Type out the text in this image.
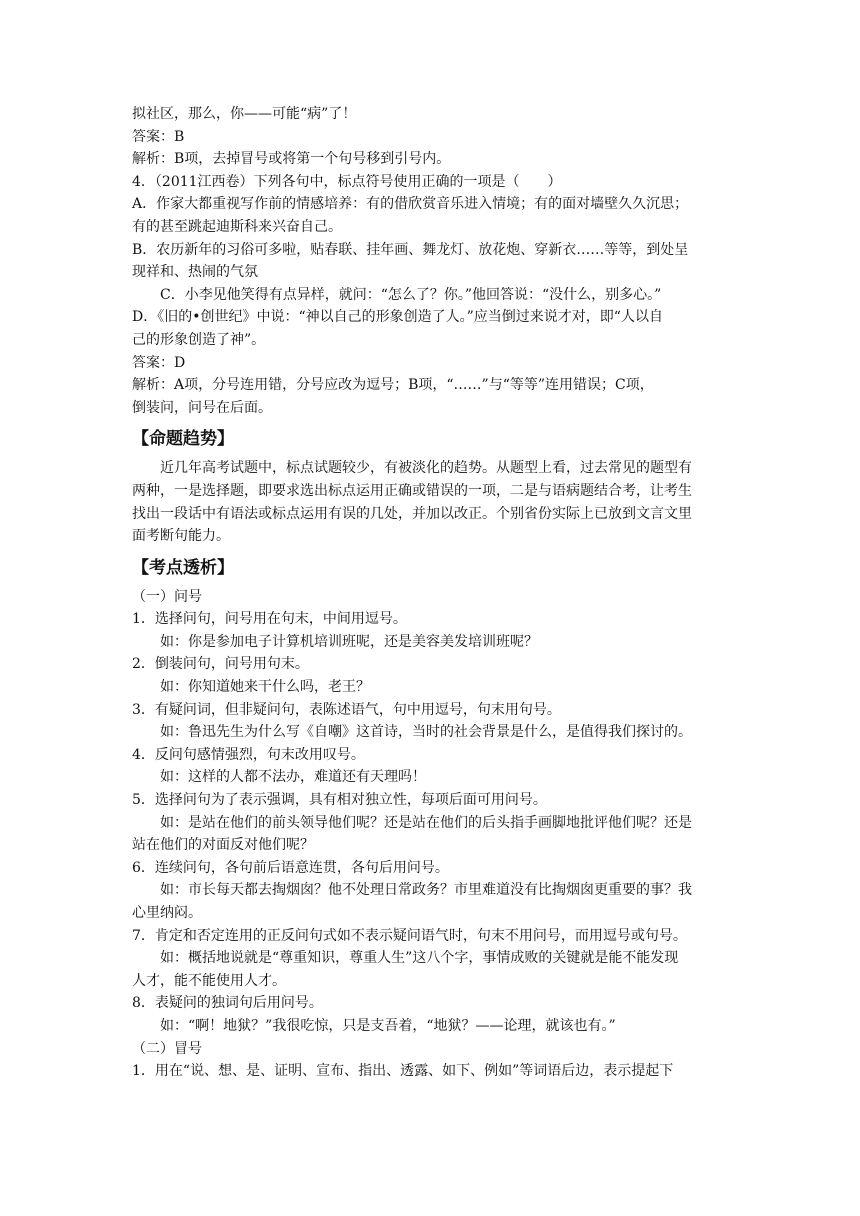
拟社区，那么，你——可能“病”了！
答案：B
解析：B项，去掉冒号或将第一个句号移到引号内。
4．（2011江西卷）下列各句中，标点符号使用正确的一项是（　　）
A．作家大都重视写作前的情感培养：有的借欣赏音乐进入情境；有的面对墙壁久久沉思；
有的甚至跳起迪斯科来兴奋自己。
B．农历新年的习俗可多啦，贴春联、挂年画、舞龙灯、放花炮、穿新衣……等等，到处呈
现祥和、热闹的气氛
C．小李见他笑得有点异样，就问：“怎么了？你。”他回答说：“没什么，别多心。”
D．《旧的•创世纪》中说：“神以自己的形象创造了人。”应当倒过来说才对，即“人以自
己的形象创造了神”。
答案：D
解析：A项，分号连用错，分号应改为逗号；B项，“……”与“等等”连用错误；C项，
倒装问，问号在后面。
【命题趋势】
近几年高考试题中，标点试题较少，有被淡化的趋势。从题型上看，过去常见的题型有
两种，一是选择题，即要求选出标点运用正确或错误的一项，二是与语病题结合考，让考生
找出一段话中有语法或标点运用有误的几处，并加以改正。个别省份实际上已放到文言文里
面考断句能力。
【考点透析】
（一）问号
1．选择问句，问号用在句末，中间用逗号。
如：你是参加电子计算机培训班呢，还是美容美发培训班呢？
2．倒装问句，问号用句末。
如：你知道她来干什么吗，老王？
3．有疑问词，但非疑问句，表陈述语气，句中用逗号，句末用句号。
如：鲁迅先生为什么写《自嘲》这首诗，当时的社会背景是什么，是值得我们探讨的。
4．反问句感情强烈，句末改用叹号。
如：这样的人都不法办，难道还有天理吗！
5．选择问句为了表示强调，具有相对独立性，每项后面可用问号。
如：是站在他们的前头领导他们呢？还是站在他们的后头指手画脚地批评他们呢？还是
站在他们的对面反对他们呢？
6．连续问句，各句前后语意连贯，各句后用问号。
如：市长每天都去掏烟囱？他不处理日常政务？市里难道没有比掏烟囱更重要的事？我
心里纳闷。
7．肯定和否定连用的正反问句式如不表示疑问语气时，句末不用问号，而用逗号或句号。
如：概括地说就是“尊重知识，尊重人生”这八个字，事情成败的关键就是能不能发现
人才，能不能使用人才。
8．表疑问的独词句后用问号。
如：“啊！地狱？”我很吃惊，只是支吾着，“地狱？——论理，就该也有。”
（二）冒号
1．用在“说、想、是、证明、宣布、指出、透露、如下、例如”等词语后边，表示提起下
